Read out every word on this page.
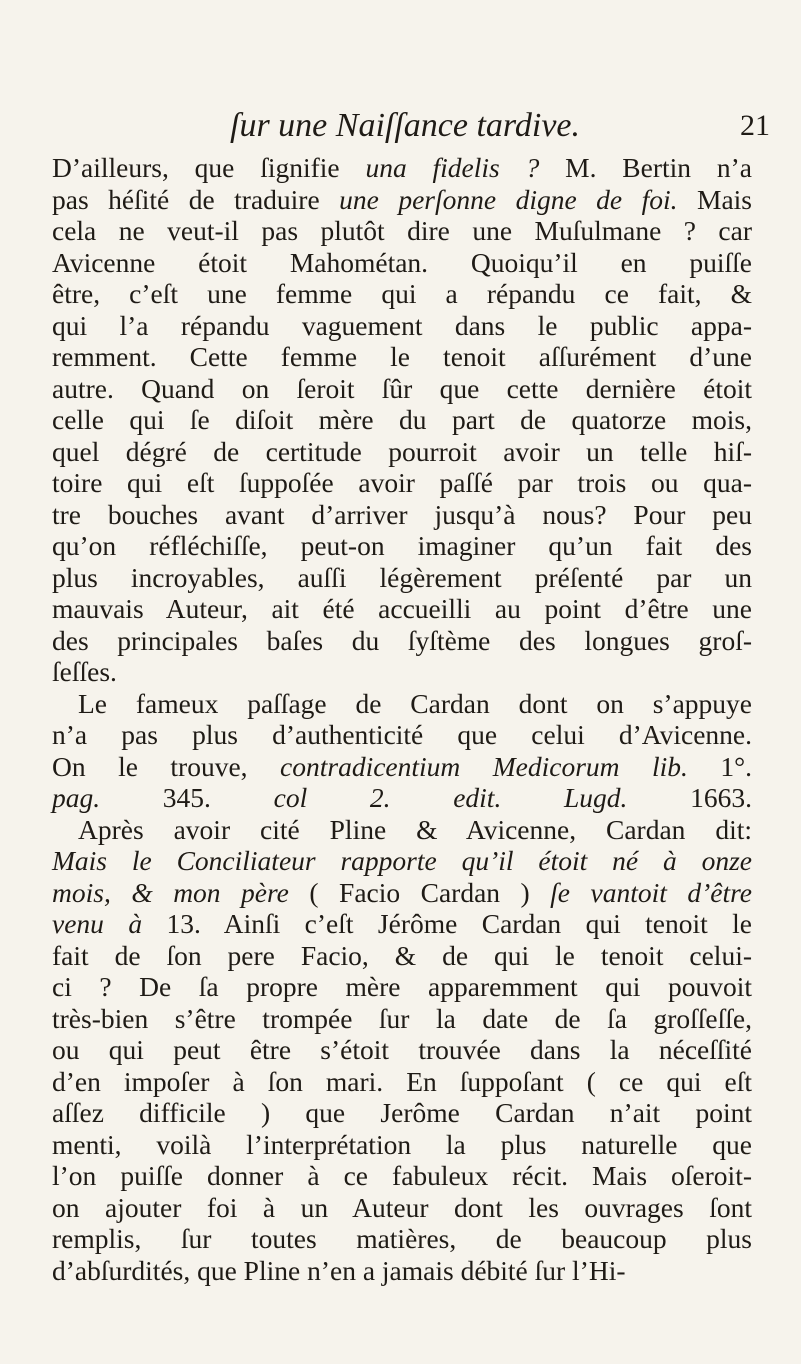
ſur une Naiſſance tardive.	21
D’ailleurs, que ſignifie una fidelis ? M. Bertin n’a
pas héſité de traduire une perſonne digne de foi. Mais
cela ne veut-il pas plutôt dire une Muſulmane ? car
Avicenne étoit Mahométan. Quoiqu’il en puiſſe
être, c’eſt une femme qui a répandu ce fait, &
qui l’a répandu vaguement dans le public appa-
remment. Cette femme le tenoit aſſurément d’une
autre. Quand on ſeroit ſûr que cette dernière étoit
celle qui ſe diſoit mère du part de quatorze mois,
quel dégré de certitude pourroit avoir un telle hiſ-
toire qui eſt ſuppoſée avoir paſſé par trois ou qua-
tre bouches avant d’arriver jusqu’à nous? Pour peu
qu’on réfléchiſſe, peut-on imaginer qu’un fait des
plus incroyables, auſſi légèrement préſenté par un
mauvais Auteur, ait été accueilli au point d’être une
des principales baſes du ſyſtème des longues groſ-
ſeſſes.
Le fameux paſſage de Cardan dont on s’appuye
n’a pas plus d’authenticité que celui d’Avicenne.
On le trouve, contradicentium Medicorum lib. 1°.
pag. 345. col 2. edit. Lugd. 1663.
Après avoir cité Pline & Avicenne, Cardan dit:
Mais le Conciliateur rapporte qu’il étoit né à onze
mois, & mon père ( Facio Cardan ) ſe vantoit d’être
venu à 13. Ainſi c’eſt Jérôme Cardan qui tenoit le
fait de ſon pere Facio, & de qui le tenoit celui-
ci ? De ſa propre mère apparemment qui pouvoit
très-bien s’être trompée ſur la date de ſa groſſeſſe,
ou qui peut être s’étoit trouvée dans la néceſſité
d’en impoſer à ſon mari. En ſuppoſant ( ce qui eſt
aſſez difficile ) que Jerôme Cardan n’ait point
menti, voilà l’interprétation la plus naturelle que
l’on puiſſe donner à ce fabuleux récit. Mais oſeroit-
on ajouter foi à un Auteur dont les ouvrages ſont
remplis, ſur toutes matières, de beaucoup plus
d’abſurdités, que Pline n’en a jamais débité ſur l’Hi-
